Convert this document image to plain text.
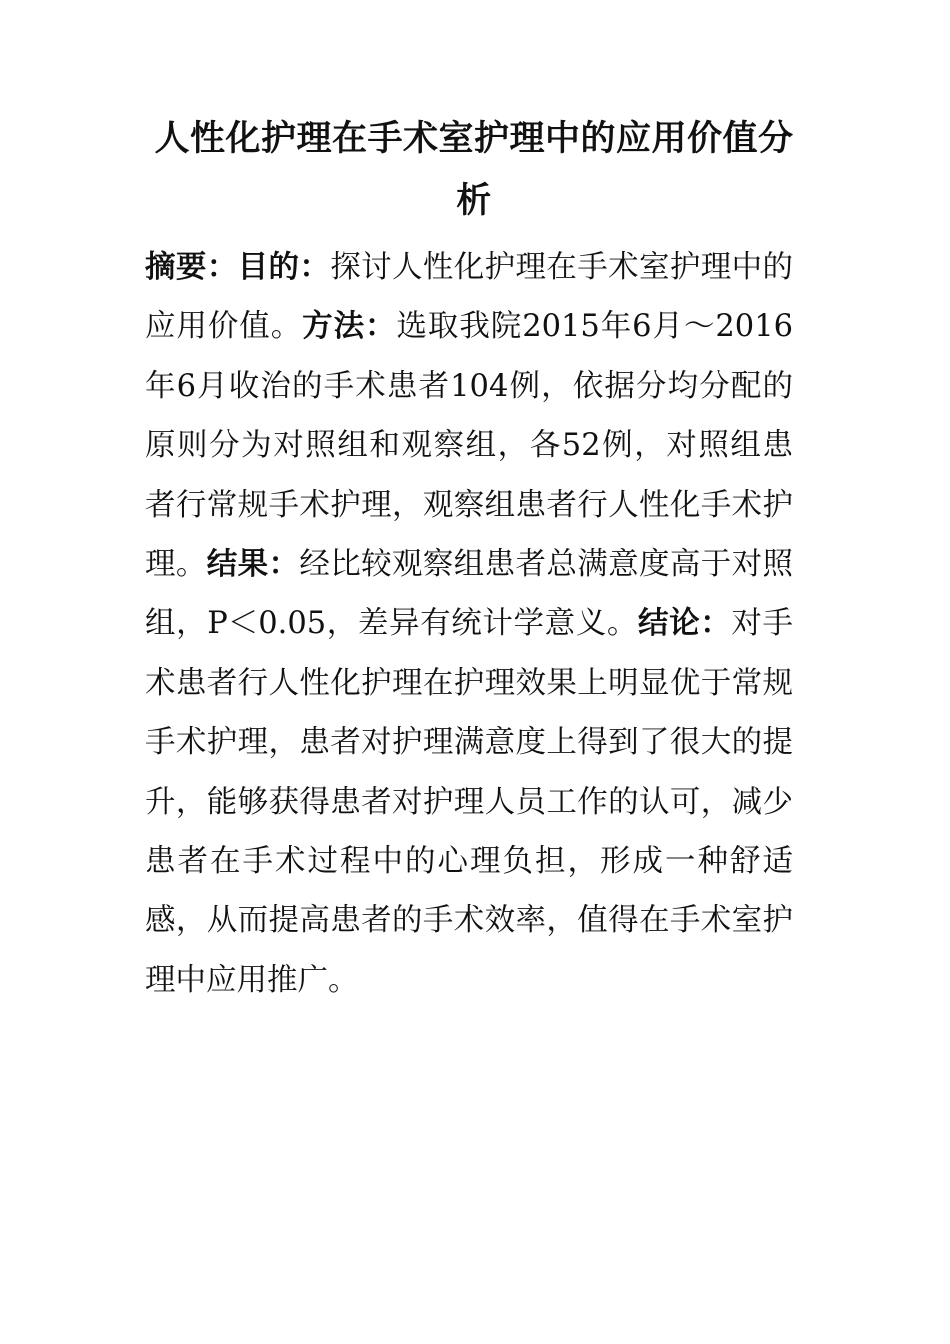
人性化护理在手术室护理中的应用价值分析

摘要：目的：探讨人性化护理在手术室护理中的应用价值。方法：选取我院2015年6月～2016年6月收治的手术患者104例，依据分均分配的原则分为对照组和观察组，各52例，对照组患者行常规手术护理，观察组患者行人性化手术护理。结果：经比较观察组患者总满意度高于对照组，P＜0.05，差异有统计学意义。结论：对手术患者行人性化护理在护理效果上明显优于常规手术护理，患者对护理满意度上得到了很大的提升，能够获得患者对护理人员工作的认可，减少患者在手术过程中的心理负担，形成一种舒适感，从而提高患者的手术效率，值得在手术室护理中应用推广。
